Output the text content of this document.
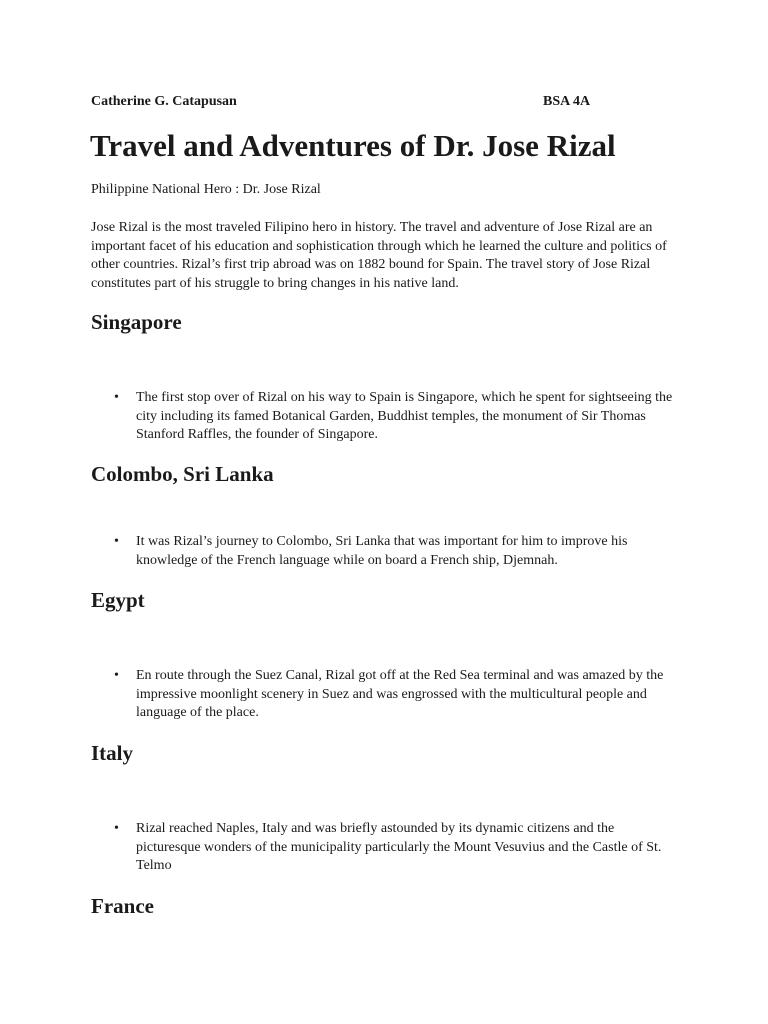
Catherine G. Catapusan	BSA 4A
Travel and Adventures of Dr. Jose Rizal

Philippine National Hero : Dr. Jose Rizal

Jose Rizal is the most traveled Filipino hero in history. The travel and adventure of Jose Rizal are an important facet of his education and sophistication through which he learned the culture and politics of other countries. Rizal’s first trip abroad was on 1882 bound for Spain. The travel story of Jose Rizal constitutes part of his struggle to bring changes in his native land.

Singapore
• The first stop over of Rizal on his way to Spain is Singapore, which he spent for sightseeing the city including its famed Botanical Garden, Buddhist temples, the monument of Sir Thomas Stanford Raffles, the founder of Singapore.
Colombo, Sri Lanka
• It was Rizal’s journey to Colombo, Sri Lanka that was important for him to improve his knowledge of the French language while on board a French ship, Djemnah.
Egypt
• En route through the Suez Canal, Rizal got off at the Red Sea terminal and was amazed by the impressive moonlight scenery in Suez and was engrossed with the multicultural people and language of the place.
Italy
• Rizal reached Naples, Italy and was briefly astounded by its dynamic citizens and the picturesque wonders of the municipality particularly the Mount Vesuvius and the Castle of St. Telmo
France
